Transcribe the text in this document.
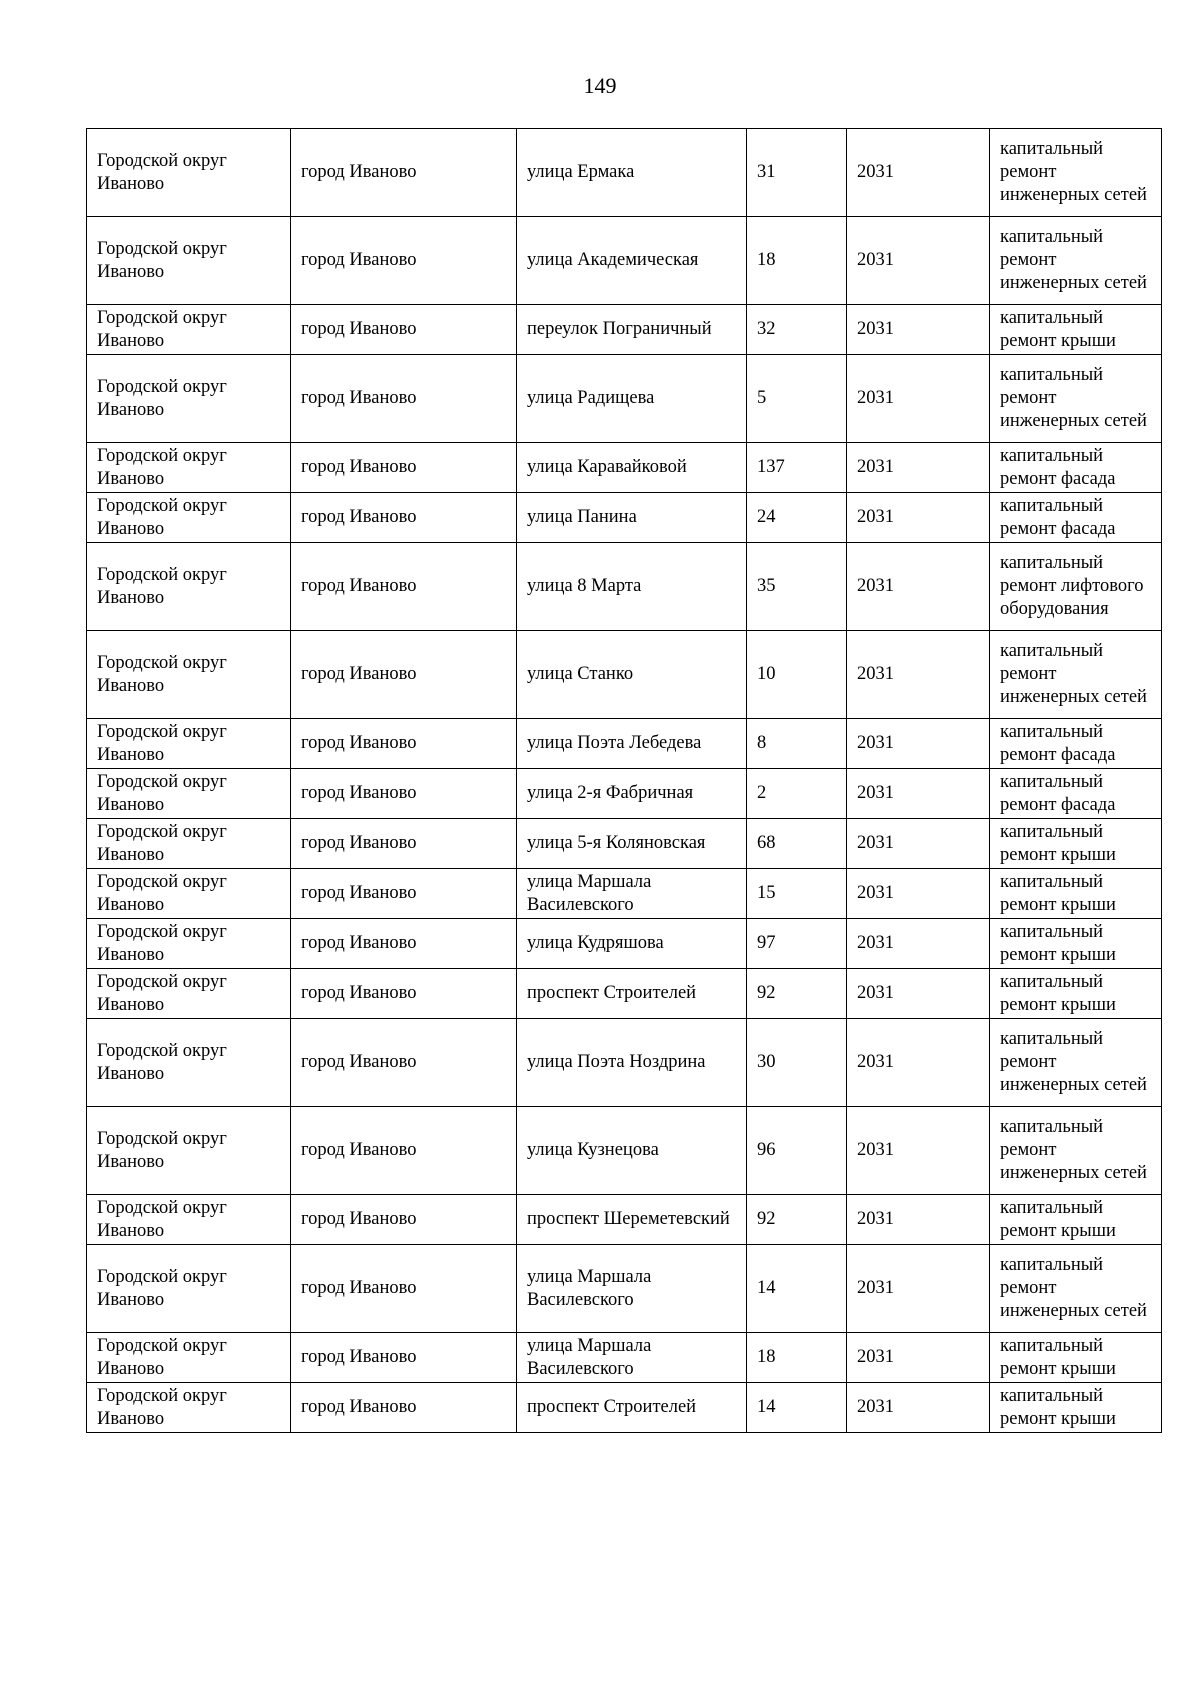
149
Городской округ Иваново	город Иваново	улица Ермака	31	2031	капитальный ремонт инженерных сетей
Городской округ Иваново	город Иваново	улица Академическая	18	2031	капитальный ремонт инженерных сетей
Городской округ Иваново	город Иваново	переулок Пограничный	32	2031	капитальный ремонт крыши
Городской округ Иваново	город Иваново	улица Радищева	5	2031	капитальный ремонт инженерных сетей
Городской округ Иваново	город Иваново	улица Каравайковой	137	2031	капитальный ремонт фасада
Городской округ Иваново	город Иваново	улица Панина	24	2031	капитальный ремонт фасада
Городской округ Иваново	город Иваново	улица 8 Марта	35	2031	капитальный ремонт лифтового оборудования
Городской округ Иваново	город Иваново	улица Станко	10	2031	капитальный ремонт инженерных сетей
Городской округ Иваново	город Иваново	улица Поэта Лебедева	8	2031	капитальный ремонт фасада
Городской округ Иваново	город Иваново	улица 2-я Фабричная	2	2031	капитальный ремонт фасада
Городской округ Иваново	город Иваново	улица 5-я Коляновская	68	2031	капитальный ремонт крыши
Городской округ Иваново	город Иваново	улица Маршала Василевского	15	2031	капитальный ремонт крыши
Городской округ Иваново	город Иваново	улица Кудряшова	97	2031	капитальный ремонт крыши
Городской округ Иваново	город Иваново	проспект Строителей	92	2031	капитальный ремонт крыши
Городской округ Иваново	город Иваново	улица Поэта Ноздрина	30	2031	капитальный ремонт инженерных сетей
Городской округ Иваново	город Иваново	улица Кузнецова	96	2031	капитальный ремонт инженерных сетей
Городской округ Иваново	город Иваново	проспект Шереметевский	92	2031	капитальный ремонт крыши
Городской округ Иваново	город Иваново	улица Маршала Василевского	14	2031	капитальный ремонт инженерных сетей
Городской округ Иваново	город Иваново	улица Маршала Василевского	18	2031	капитальный ремонт крыши
Городской округ Иваново	город Иваново	проспект Строителей	14	2031	капитальный ремонт крыши
